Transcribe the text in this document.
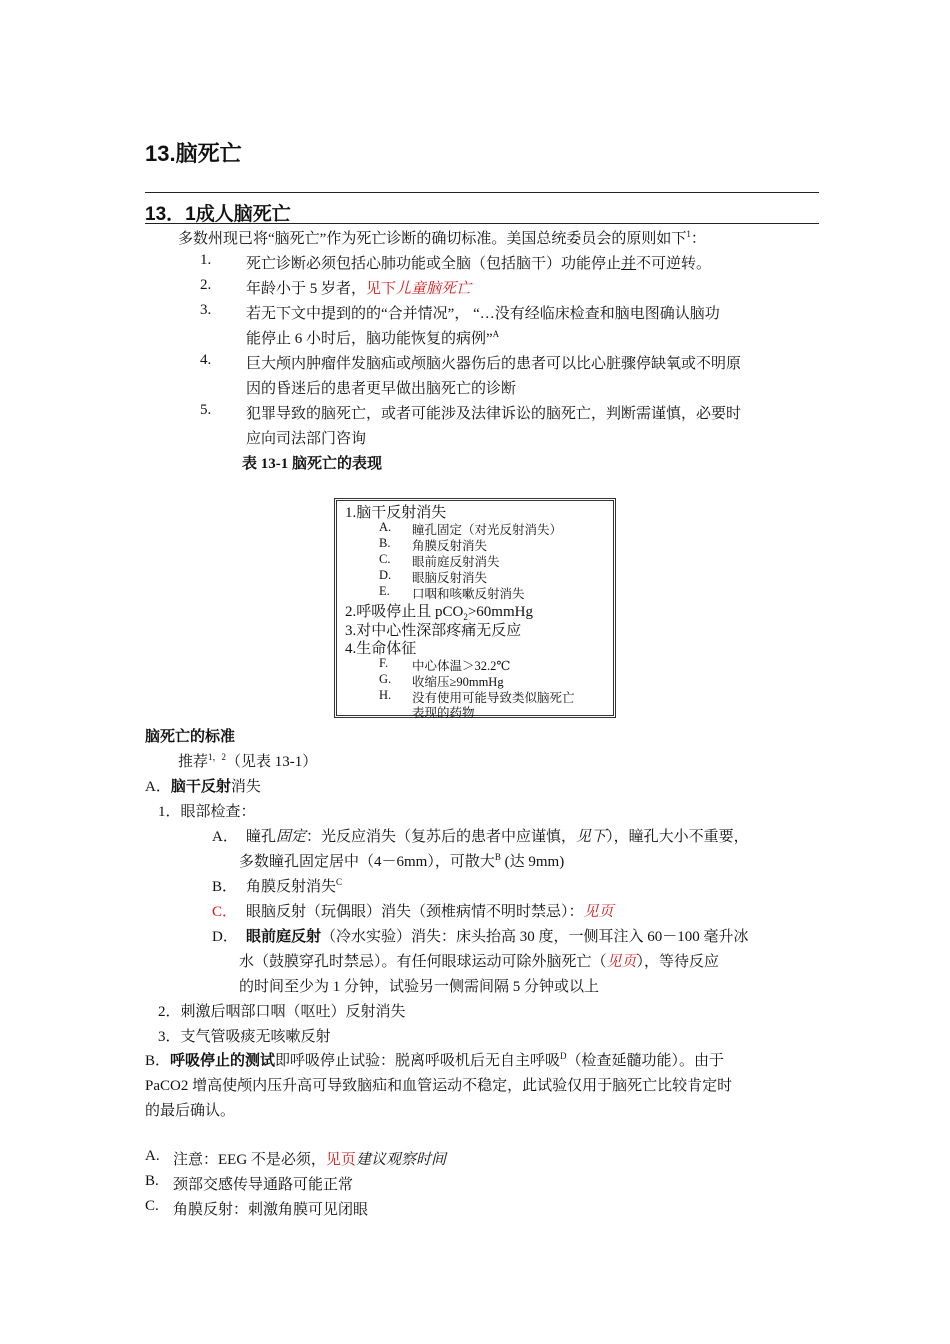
13.脑死亡
13．1成人脑死亡
多数州现已将“脑死亡”作为死亡诊断的确切标准。美国总统委员会的原则如下$^1$：
1. 死亡诊断必须包括心肺功能或全脑（包括脑干）功能停止并不可逆转。
2. 年龄小于 5 岁者，见下儿童脑死亡
3. 若无下文中提到的的“合并情况”， “…没有经临床检查和脑电图确认脑功
能停止 6 小时后，脑功能恢复的病例”$^A$
4. 巨大颅内肿瘤伴发脑疝或颅脑火器伤后的患者可以比心脏骤停缺氧或不明原
因的昏迷后的患者更早做出脑死亡的诊断
5. 犯罪导致的脑死亡，或者可能涉及法律诉讼的脑死亡，判断需谨慎，必要时
应向司法部门咨询
表 13-1 脑死亡的表现
1.脑干反射消失
A. 瞳孔固定（对光反射消失）
B. 角膜反射消失
C. 眼前庭反射消失
D. 眼脑反射消失
E. 口咽和咳嗽反射消失
2.呼吸停止且 pCO$_2$>60mmHg
3.对中心性深部疼痛无反应
4.生命体征
F. 中心体温＞32.2℃
G. 收缩压≥90mmHg
H. 没有使用可能导致类似脑死亡
表现的药物
脑死亡的标准
推荐$^{1,2}$（见表 13-1）
A．脑干反射消失
1．眼部检查：
A． 瞳孔固定：光反应消失（复苏后的患者中应谨慎，见下），瞳孔大小不重要，
多数瞳孔固定居中（4－6mm），可散大$^B$ (达 9mm)
B． 角膜反射消失$^C$
C． 眼脑反射（玩偶眼）消失（颈椎病情不明时禁忌）：见页
D． 眼前庭反射（冷水实验）消失：床头抬高 30 度，一侧耳注入 60－100 毫升冰
水（鼓膜穿孔时禁忌）。有任何眼球运动可除外脑死亡（见页），等待反应
的时间至少为 1 分钟，试验另一侧需间隔 5 分钟或以上
2．刺激后咽部口咽（呕吐）反射消失
3．支气管吸痰无咳嗽反射
B．呼吸停止的测试即呼吸停止试验：脱离呼吸机后无自主呼吸$^D$（检查延髓功能）。由于
PaCO2 增高使颅内压升高可导致脑疝和血管运动不稳定，此试验仅用于脑死亡比较肯定时
的最后确认。
A. 注意：EEG 不是必须，见页建议观察时间
B. 颈部交感传导通路可能正常
C. 角膜反射：刺激角膜可见闭眼
